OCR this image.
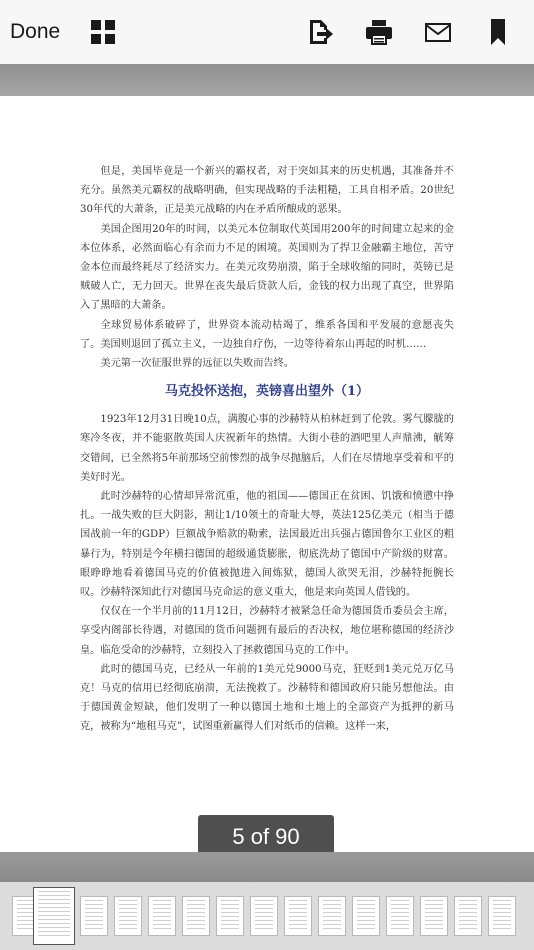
Done

但是，美国毕竟是一个新兴的霸权者，对于突如其来的历史机遇，其准备并不充分。虽然美元霸权的战略明确，但实现战略的手法粗糙，工具自相矛盾。20世纪30年代的大萧条，正是美元战略的内在矛盾所酿成的恶果。

美国企图用20年的时间，以美元本位制取代英国用200年的时间建立起来的金本位体系，必然面临心有余而力不足的困境。英国则为了捍卫金融霸主地位，苦守金本位而最终耗尽了经济实力。在美元攻势崩溃，陷于全球收缩的同时，英镑已是贼破人亡，无力回天。世界在丧失最后贷款人后，金钱的权力出现了真空，世界陷入了黑暗的大萧条。

全球贸易体系破碎了，世界资本流动枯竭了，维系各国和平发展的意愿丧失了。美国则退回了孤立主义，一边独自疗伤，一边等待着东山再起的时机……

美元第一次征服世界的远征以失败而告终。

马克投怀送抱，英镑喜出望外（1）

1923年12月31日晚10点，满腹心事的沙赫特从柏林赶到了伦敦。雾气朦胧的寒冷冬夜，并不能驱散英国人庆祝新年的热情。大街小巷的酒吧里人声鼎沸，觥筹交错间，已全然将5年前那场空前惨烈的战争尽抛脑后，人们在尽情地享受着和平的美好时光。

此时沙赫特的心情却异常沉重，他的祖国——德国正在贫困、饥饿和愤懑中挣扎。一战失败的巨大阴影，割让1/10领土的奇耻大辱，英法125亿美元（相当于德国战前一年的GDP）巨额战争赔款的勒索，法国最近出兵强占德国鲁尔工业区的粗暴行为，特别是今年横扫德国的超级通货膨胀，彻底洗劫了德国中产阶级的财富。眼睁睁地看着德国马克的价值被抛进入间炼狱，德国人欲哭无泪，沙赫特扼腕长叹。沙赫特深知此行对德国马克命运的意义重大，他是来向英国人借钱的。

仅仅在一个半月前的11月12日，沙赫特才被紧急任命为德国货币委员会主席，享受内阁部长待遇，对德国的货币问题拥有最后的否决权，地位堪称德国的经济沙皇。临危受命的沙赫特，立刻投入了拯救德国马克的工作中。

此时的德国马克，已经从一年前的1美元兑9000马克，狂贬到1美元兑万亿马克！马克的信用已经彻底崩溃，无法挽救了。沙赫特和德国政府只能另想他法。由于德国黄金短缺，他们发明了一种以德国土地和土地上的全部资产为抵押的新马克，被称为“地租马克”，试图重新赢得人们对纸币的信赖。这样一来，

5 of 90
